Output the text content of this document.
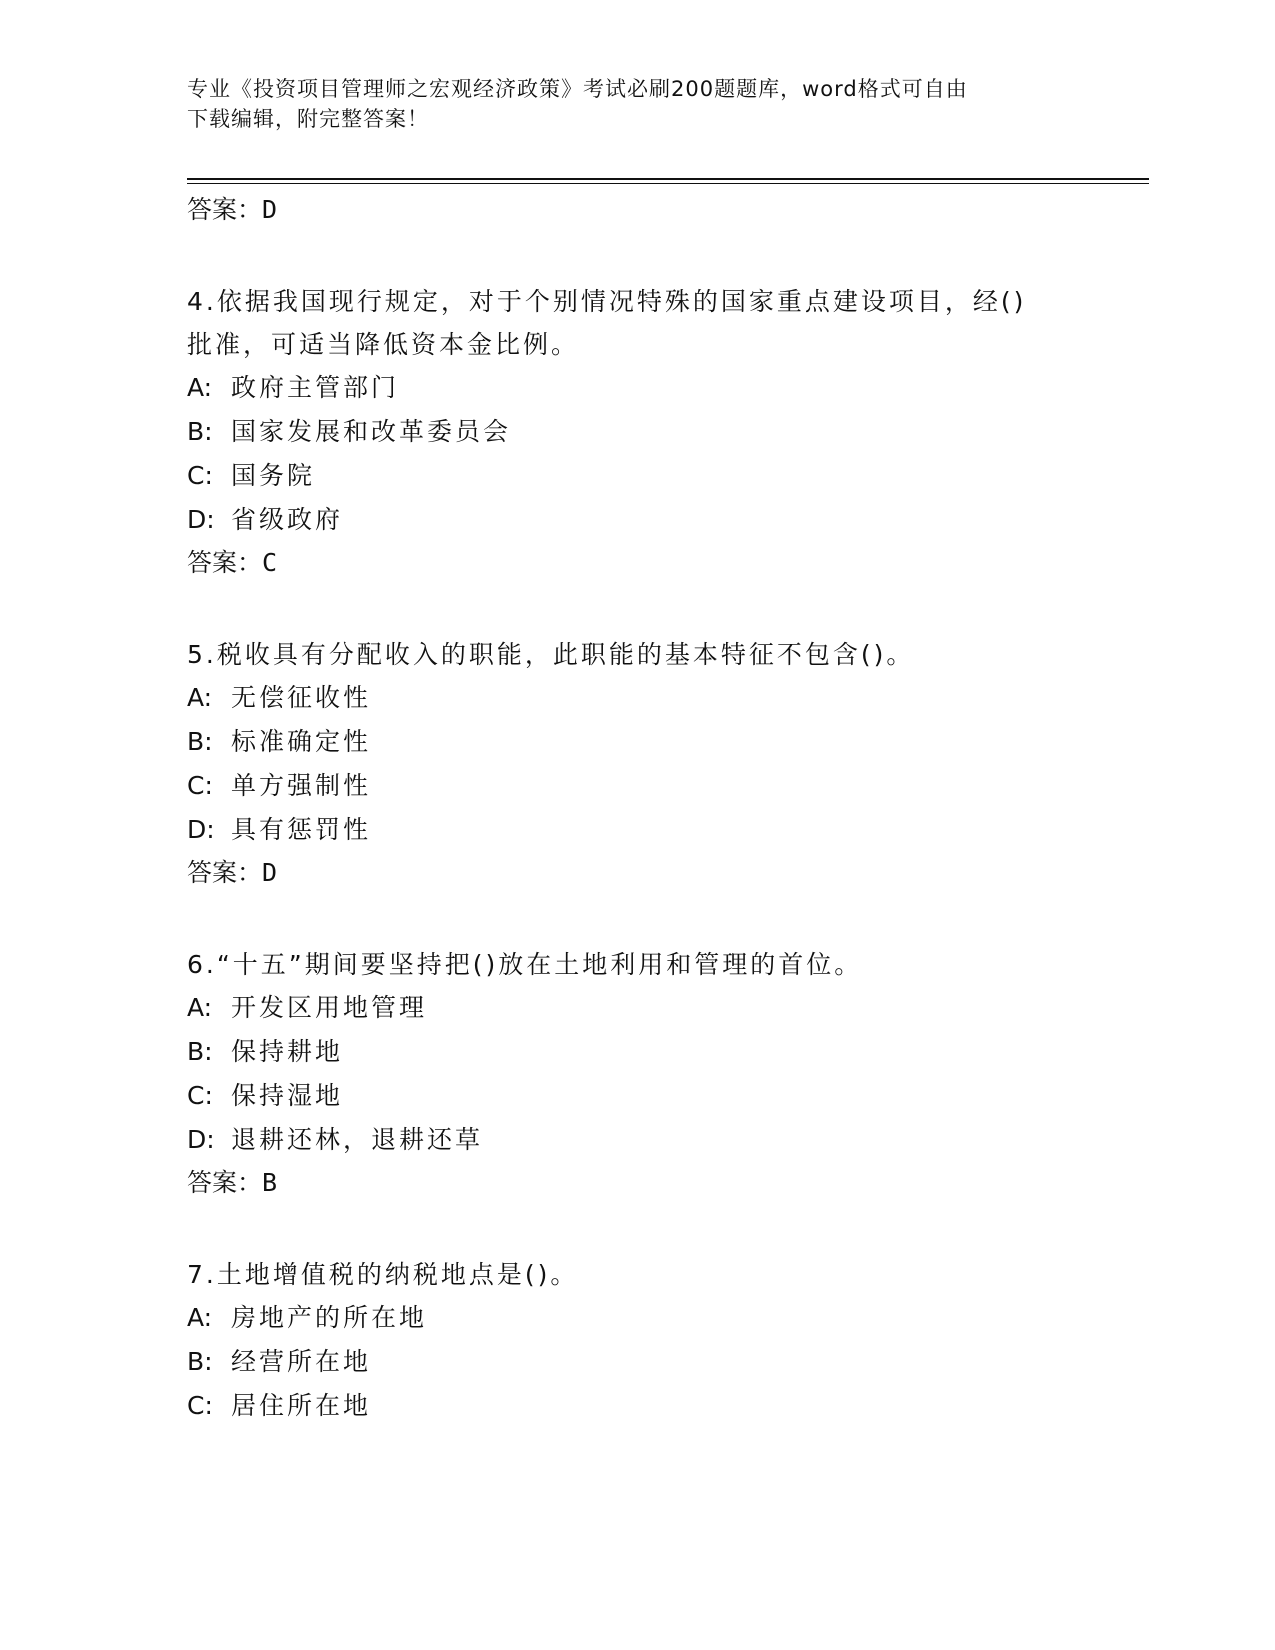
专业《投资项目管理师之宏观经济政策》考试必刷200题题库，word格式可自由
下载编辑，附完整答案！
答案：D
4.依据我国现行规定，对于个别情况特殊的国家重点建设项目，经()
批准，可适当降低资本金比例。
A: 政府主管部门
B: 国家发展和改革委员会
C: 国务院
D: 省级政府
答案：C
5.税收具有分配收入的职能，此职能的基本特征不包含()。
A: 无偿征收性
B: 标准确定性
C: 单方强制性
D: 具有惩罚性
答案：D
6.“十五”期间要坚持把()放在土地利用和管理的首位。
A: 开发区用地管理
B: 保持耕地
C: 保持湿地
D: 退耕还林，退耕还草
答案：B
7.土地增值税的纳税地点是()。
A: 房地产的所在地
B: 经营所在地
C: 居住所在地
